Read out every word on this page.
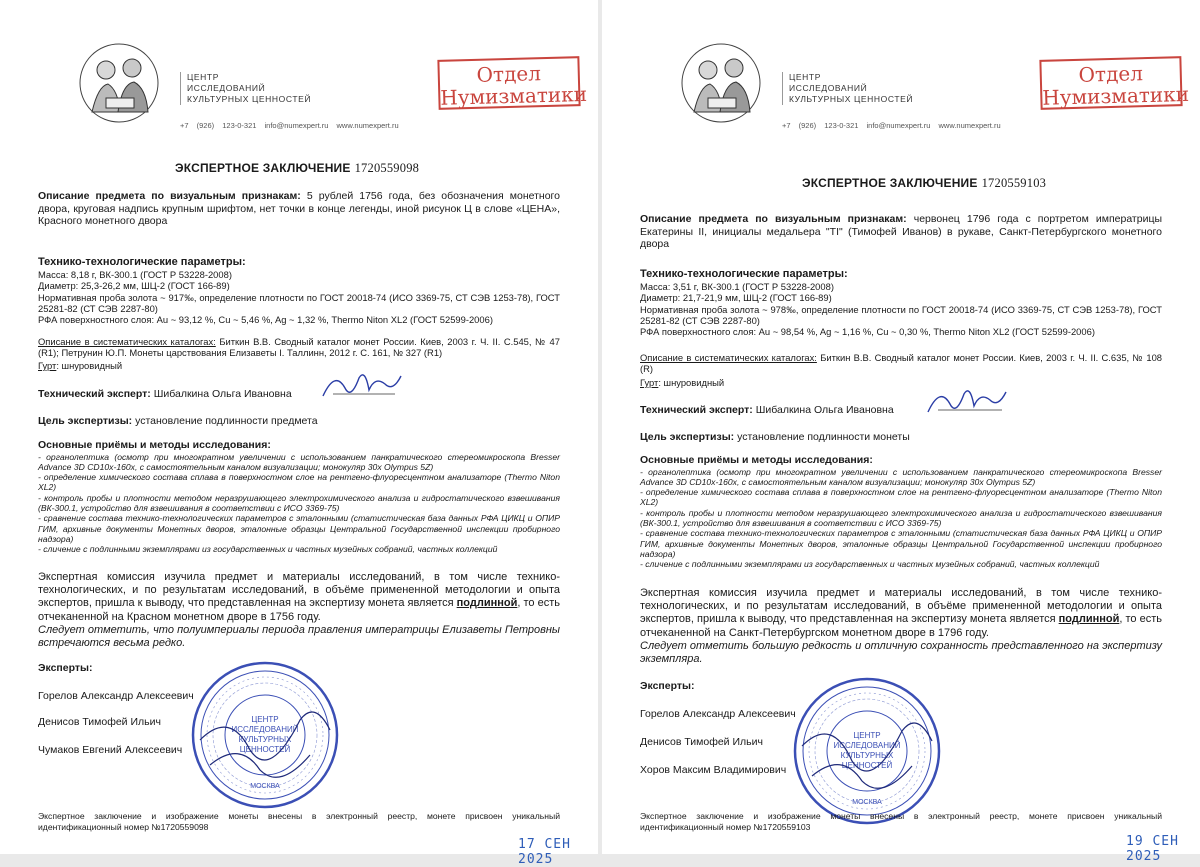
ЦЕНТР
ИССЛЕДОВАНИЙ
КУЛЬТУРНЫХ ЦЕННОСТЕЙ
+7 (926) 123-0-321 info@numexpert.ru www.numexpert.ru
Отдел
Нумизматики
ЭКСПЕРТНОЕ ЗАКЛЮЧЕНИЕ 1720559098
Описание предмета по визуальным признакам: 5 рублей 1756 года, без обозначения монетного двора, круговая надпись крупным шрифтом, нет точки в конце легенды, иной рисунок Ц в слове «ЦЕНА», Красного монетного двора
Технико-технологические параметры:
Масса: 8,18 г, ВК-300.1 (ГОСТ Р 53228-2008)
Диаметр: 25,3-26,2 мм, ШЦ-2 (ГОСТ 166-89)
Нормативная проба золота ~ 917‰, определение плотности по ГОСТ 20018-74 (ИСО 3369-75, СТ СЭВ 1253-78), ГОСТ 25281-82 (СТ СЭВ 2287-80)
РФА поверхностного слоя: Au ~ 93,12 %, Cu ~ 5,46 %, Ag ~ 1,32 %, Thermo Niton XL2 (ГОСТ 52599-2006)
Описание в систематических каталогах: Биткин В.В. Сводный каталог монет России. Киев, 2003 г. Ч. II. С.545, № 47 (R1); Петрунин Ю.П. Монеты царствования Елизаветы I. Таллинн, 2012 г. С. 161, № 327 (R1)
Гурт: шнуровидный
Технический эксперт: Шибалкина Ольга Ивановна
Цель экспертизы: установление подлинности предмета
Основные приёмы и методы исследования:
- органолептика (осмотр при многократном увеличении с использованием панкратического стереомикроскопа Bresser Advance 3D CD10x-160x, с самостоятельным каналом визуализации; монокуляр 30x Olympus 5Z)
- определение химического состава сплава в поверхностном слое на рентгено-флуоресцентном анализаторе (Thermo Niton XL2)
- контроль пробы и плотности методом неразрушающего электрохимического анализа и гидростатического взвешивания (ВК-300.1, устройство для взвешивания в соответствии с ИСО 3369-75)
- сравнение состава технико-технологических параметров с эталонными (статистическая база данных РФА ЦИКЦ и ОПИР ГИМ, архивные документы Монетных дворов, эталонные образцы Центральной Государственной инспекции пробирного надзора)
- сличение с подлинными экземплярами из государственных и частных музейных собраний, частных коллекций
Экспертная комиссия изучила предмет и материалы исследований, в том числе технико-технологических, и по результатам исследований, в объёме примененной методологии и опыта экспертов, пришла к выводу, что представленная на экспертизу монета является подлинной, то есть отчеканенной на Красном монетном дворе в 1756 году.
Следует отметить, что полуимпериалы периода правления императрицы Елизаветы Петровны встречаются весьма редко.
Эксперты:
Горелов Александр Алексеевич
Денисов Тимофей Ильич
Чумаков Евгений Алексеевич
ЦЕНТР
ИССЛЕДОВАНИЙ
КУЛЬТУРНЫХ
ЦЕННОСТЕЙ
МОСКВА
Экспертное заключение и изображение монеты внесены в электронный реестр, монете присвоен уникальный идентификационный номер №1720559098
17 СЕН 2025
ЦЕНТР
ИССЛЕДОВАНИЙ
КУЛЬТУРНЫХ ЦЕННОСТЕЙ
+7 (926) 123-0-321 info@numexpert.ru www.numexpert.ru
Отдел
Нумизматики
ЭКСПЕРТНОЕ ЗАКЛЮЧЕНИЕ 1720559103
Описание предмета по визуальным признакам: червонец 1796 года с портретом императрицы Екатерины II, инициалы медальера "TI" (Тимофей Иванов) в рукаве, Санкт-Петербургского монетного двора
Технико-технологические параметры:
Масса: 3,51 г, ВК-300.1 (ГОСТ Р 53228-2008)
Диаметр: 21,7-21,9 мм, ШЦ-2 (ГОСТ 166-89)
Нормативная проба золота ~ 978‰, определение плотности по ГОСТ 20018-74 (ИСО 3369-75, СТ СЭВ 1253-78), ГОСТ 25281-82 (СТ СЭВ 2287-80)
РФА поверхностного слоя: Au ~ 98,54 %, Ag ~ 1,16 %, Cu ~ 0,30 %, Thermo Niton XL2 (ГОСТ 52599-2006)
Описание в систематических каталогах: Биткин В.В. Сводный каталог монет России. Киев, 2003 г. Ч. II. С.635, № 108 (R)
Гурт: шнуровидный
Технический эксперт: Шибалкина Ольга Ивановна
Цель экспертизы: установление подлинности монеты
Основные приёмы и методы исследования:
- органолептика (осмотр при многократном увеличении с использованием панкратического стереомикроскопа Bresser Advance 3D CD10x-160x, с самостоятельным каналом визуализации; монокуляр 30x Olympus 5Z)
- определение химического состава сплава в поверхностном слое на рентгено-флуоресцентном анализаторе (Thermo Niton XL2)
- контроль пробы и плотности методом неразрушающего электрохимического анализа и гидростатического взвешивания (ВК-300.1, устройство для взвешивания в соответствии с ИСО 3369-75)
- сравнение состава технико-технологических параметров с эталонными (статистическая база данных РФА ЦИКЦ и ОПИР ГИМ, архивные документы Монетных дворов, эталонные образцы Центральной Государственной инспекции пробирного надзора)
- сличение с подлинными экземплярами из государственных и частных музейных собраний, частных коллекций
Экспертная комиссия изучила предмет и материалы исследований, в том числе технико-технологических, и по результатам исследований, в объёме примененной методологии и опыта экспертов, пришла к выводу, что представленная на экспертизу монета является подлинной, то есть отчеканенной на Санкт-Петербургском монетном дворе в 1796 году.
Следует отметить большую редкость и отличную сохранность представленного на экспертизу экземпляра.
Эксперты:
Горелов Александр Алексеевич
Денисов Тимофей Ильич
Хоров Максим Владимирович
ЦЕНТР
ИССЛЕДОВАНИЙ
КУЛЬТУРНЫХ
ЦЕННОСТЕЙ
МОСКВА
Экспертное заключение и изображение монеты внесены в электронный реестр, монете присвоен уникальный идентификационный номер №1720559103
19 СЕН 2025
